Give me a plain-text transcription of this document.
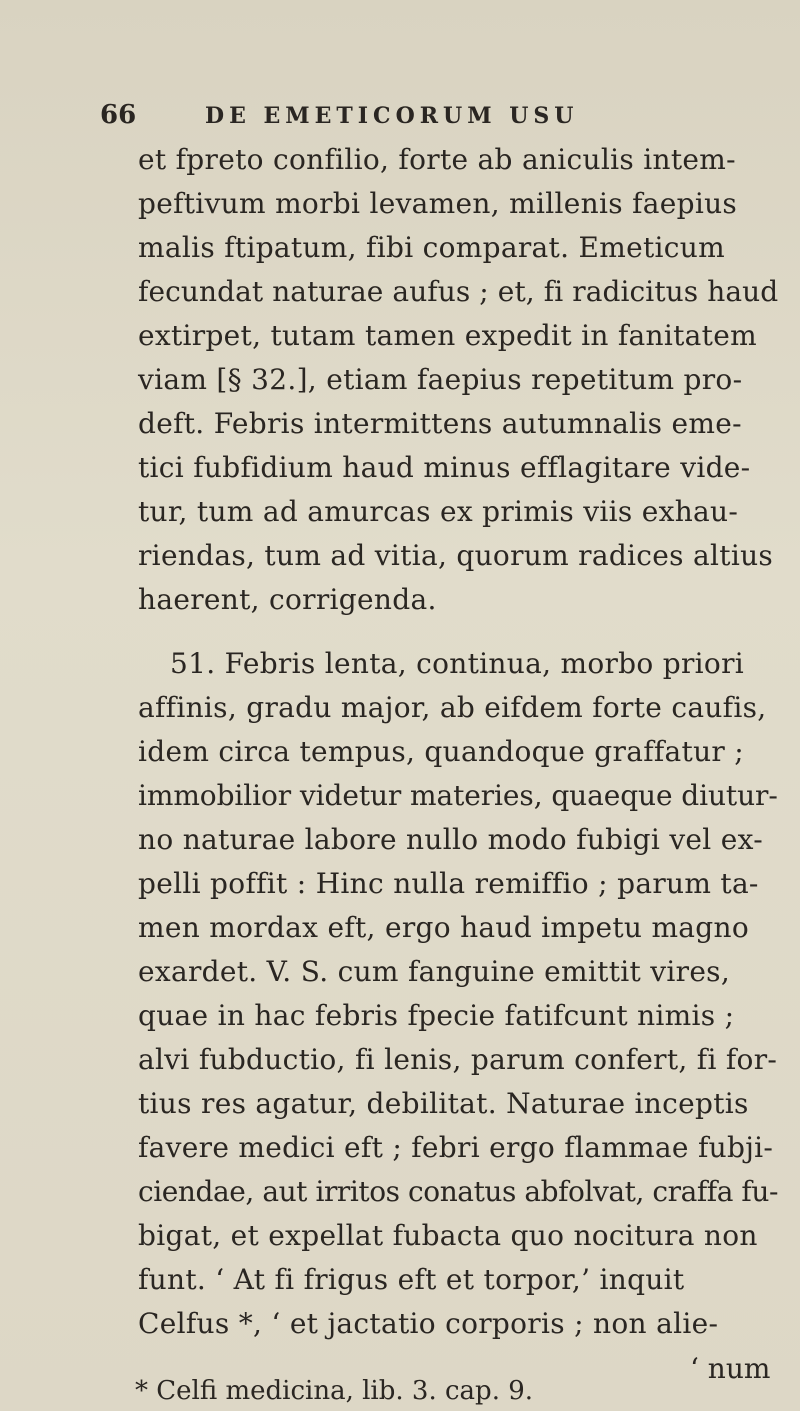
66	DE EMETICORUM USU
et fpreto confilio, forte ab aniculis intem-
peftivum morbi levamen, millenis faepius
malis ftipatum, fibi comparat. Emeticum
fecundat naturae aufus ; et, fi radicitus haud
extirpet, tutam tamen expedit in fanitatem
viam [§ 32.], etiam faepius repetitum pro-
deft. Febris intermittens autumnalis eme-
tici fubfidium haud minus efflagitare vide-
tur, tum ad amurcas ex primis viis exhau-
riendas, tum ad vitia, quorum radices altius
haerent, corrigenda.
51. Febris lenta, continua, morbo priori
affinis, gradu major, ab eifdem forte caufis,
idem circa tempus, quandoque graffatur ;
immobilior videtur materies, quaeque diutur-
no naturae labore nullo modo fubigi vel ex-
pelli poffit : Hinc nulla remiffio ; parum ta-
men mordax eft, ergo haud impetu magno
exardet. V. S. cum fanguine emittit vires,
quae in hac febris fpecie fatifcunt nimis ;
alvi fubductio, fi lenis, parum confert, fi for-
tius res agatur, debilitat. Naturae inceptis
favere medici eft ; febri ergo flammae fubji-
ciendae, aut irritos conatus abfolvat, craffa fu-
bigat, et expellat fubacta quo nocitura non
funt. ‘ At fi frigus eft et torpor,’ inquit
Celfus *, ‘ et jactatio corporis ; non alie-
‘ num
* Celfi medicina, lib. 3. cap. 9.
